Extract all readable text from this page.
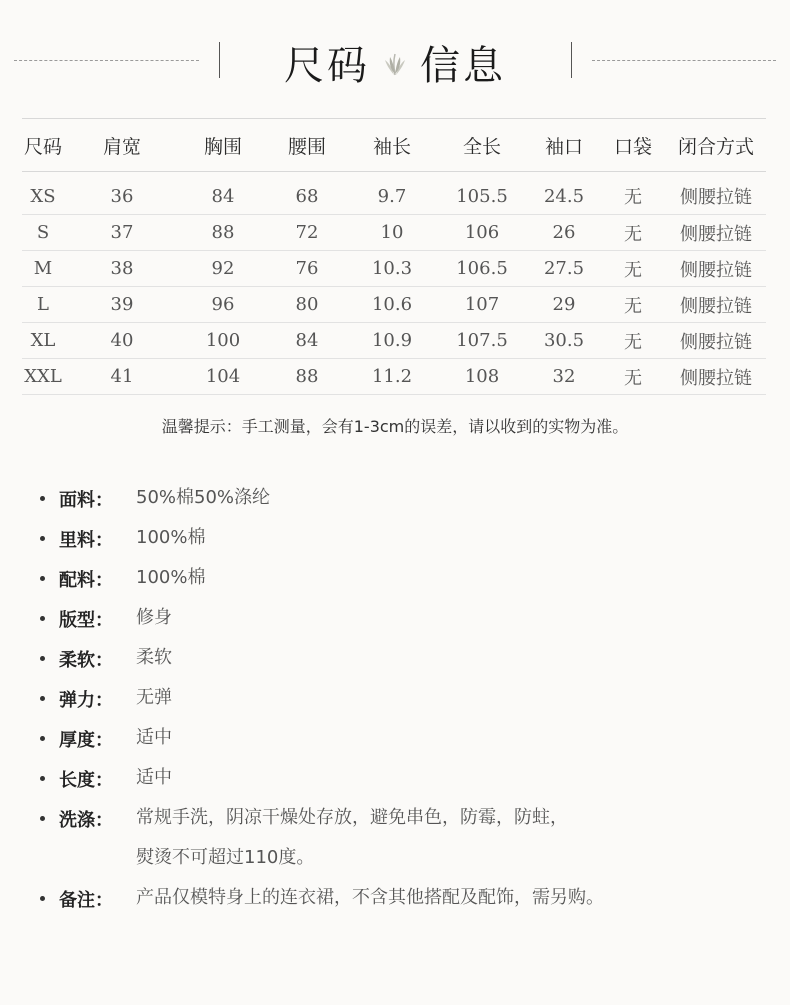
尺码 信息
尺码	肩宽	胸围	腰围	袖长	全长	袖口	口袋	闭合方式
XS	36	84	68	9.7	105.5	24.5	无	侧腰拉链
S	37	88	72	10	106	26	无	侧腰拉链
M	38	92	76	10.3	106.5	27.5	无	侧腰拉链
L	39	96	80	10.6	107	29	无	侧腰拉链
XL	40	100	84	10.9	107.5	30.5	无	侧腰拉链
XXL	41	104	88	11.2	108	32	无	侧腰拉链
温馨提示：手工测量，会有1-3cm的误差，请以收到的实物为准。
面料： 50%棉50%涤纶
里料： 100%棉
配料： 100%棉
版型： 修身
柔软： 柔软
弹力： 无弹
厚度： 适中
长度： 适中
洗涤： 常规手洗，阴凉干燥处存放，避免串色，防霉，防蛀，
熨烫不可超过110度。
备注： 产品仅模特身上的连衣裙，不含其他搭配及配饰，需另购。
